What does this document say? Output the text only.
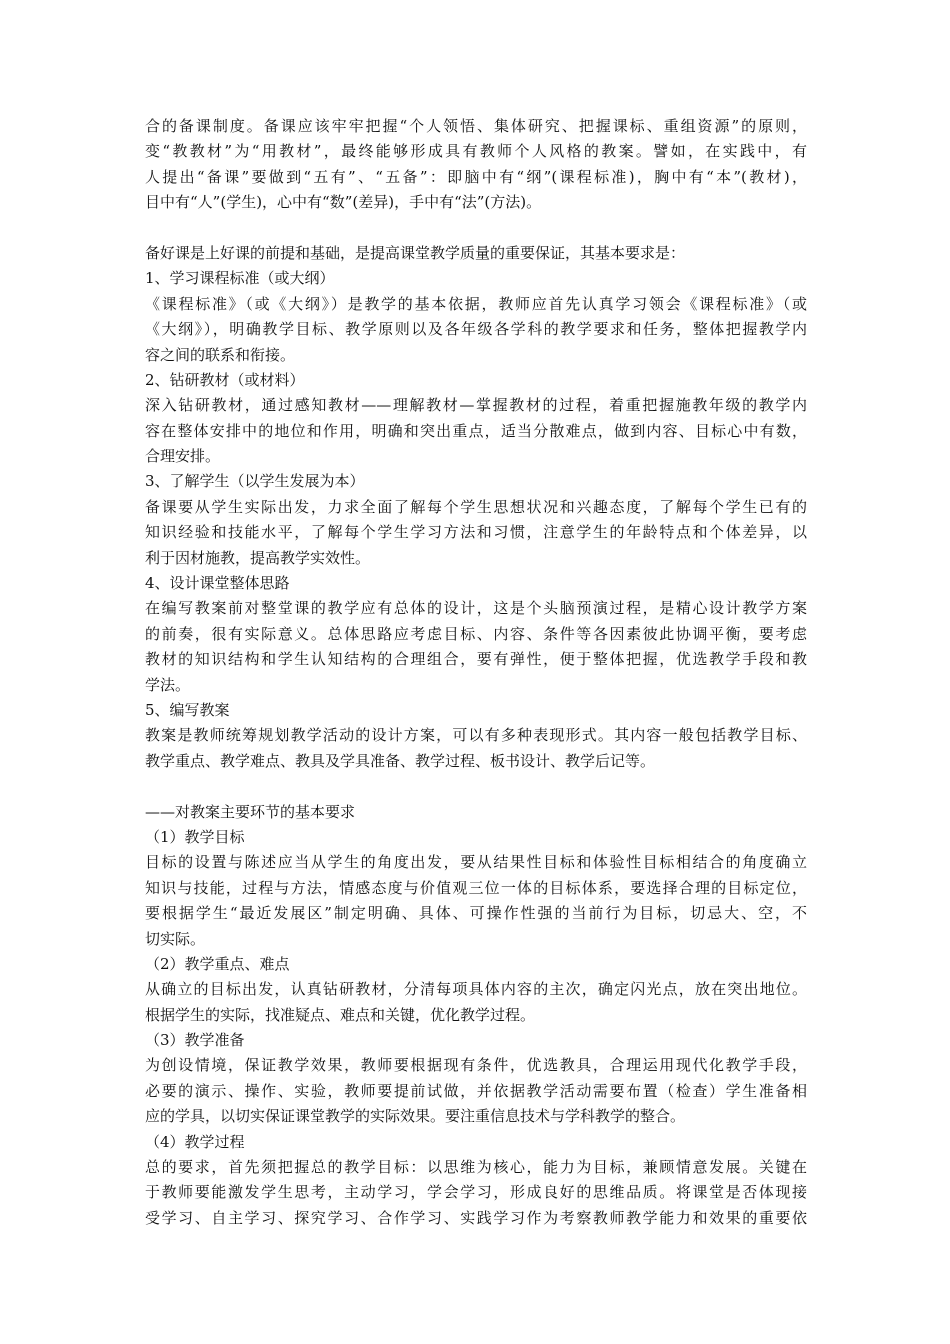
合的备课制度。备课应该牢牢把握“个人领悟、集体研究、把握课标、重组资源”的原则，
变“教教材”为“用教材”，最终能够形成具有教师个人风格的教案。譬如，在实践中，有
人提出“备课”要做到“五有”、“五备”：即脑中有“纲”(课程标准)，胸中有“本”(教材)，
目中有“人”(学生)，心中有“数”(差异)，手中有“法”(方法)。
备好课是上好课的前提和基础，是提高课堂教学质量的重要保证，其基本要求是：
1、学习课程标准（或大纲）
《课程标准》（或《大纲》）是教学的基本依据，教师应首先认真学习领会《课程标准》（或
《大纲》），明确教学目标、教学原则以及各年级各学科的教学要求和任务，整体把握教学内
容之间的联系和衔接。
2、钻研教材（或材料）
深入钻研教材，通过感知教材——理解教材—掌握教材的过程，着重把握施教年级的教学内
容在整体安排中的地位和作用，明确和突出重点，适当分散难点，做到内容、目标心中有数，
合理安排。
3、了解学生（以学生发展为本）
备课要从学生实际出发，力求全面了解每个学生思想状况和兴趣态度，了解每个学生已有的
知识经验和技能水平，了解每个学生学习方法和习惯，注意学生的年龄特点和个体差异，以
利于因材施教，提高教学实效性。
4、设计课堂整体思路
在编写教案前对整堂课的教学应有总体的设计，这是个头脑预演过程，是精心设计教学方案
的前奏，很有实际意义。总体思路应考虑目标、内容、条件等各因素彼此协调平衡，要考虑
教材的知识结构和学生认知结构的合理组合，要有弹性，便于整体把握，优选教学手段和教
学法。
5、编写教案
教案是教师统筹规划教学活动的设计方案，可以有多种表现形式。其内容一般包括教学目标、
教学重点、教学难点、教具及学具准备、教学过程、板书设计、教学后记等。
——对教案主要环节的基本要求
（1）教学目标
目标的设置与陈述应当从学生的角度出发，要从结果性目标和体验性目标相结合的角度确立
知识与技能，过程与方法，情感态度与价值观三位一体的目标体系，要选择合理的目标定位，
要根据学生“最近发展区”制定明确、具体、可操作性强的当前行为目标，切忌大、空，不
切实际。
（2）教学重点、难点
从确立的目标出发，认真钻研教材，分清每项具体内容的主次，确定闪光点，放在突出地位。
根据学生的实际，找准疑点、难点和关键，优化教学过程。
（3）教学准备
为创设情境，保证教学效果，教师要根据现有条件，优选教具，合理运用现代化教学手段，
必要的演示、操作、实验，教师要提前试做，并依据教学活动需要布置（检查）学生准备相
应的学具，以切实保证课堂教学的实际效果。要注重信息技术与学科教学的整合。
（4）教学过程
总的要求，首先须把握总的教学目标：以思维为核心，能力为目标，兼顾情意发展。关键在
于教师要能激发学生思考，主动学习，学会学习，形成良好的思维品质。将课堂是否体现接
受学习、自主学习、探究学习、合作学习、实践学习作为考察教师教学能力和效果的重要依
